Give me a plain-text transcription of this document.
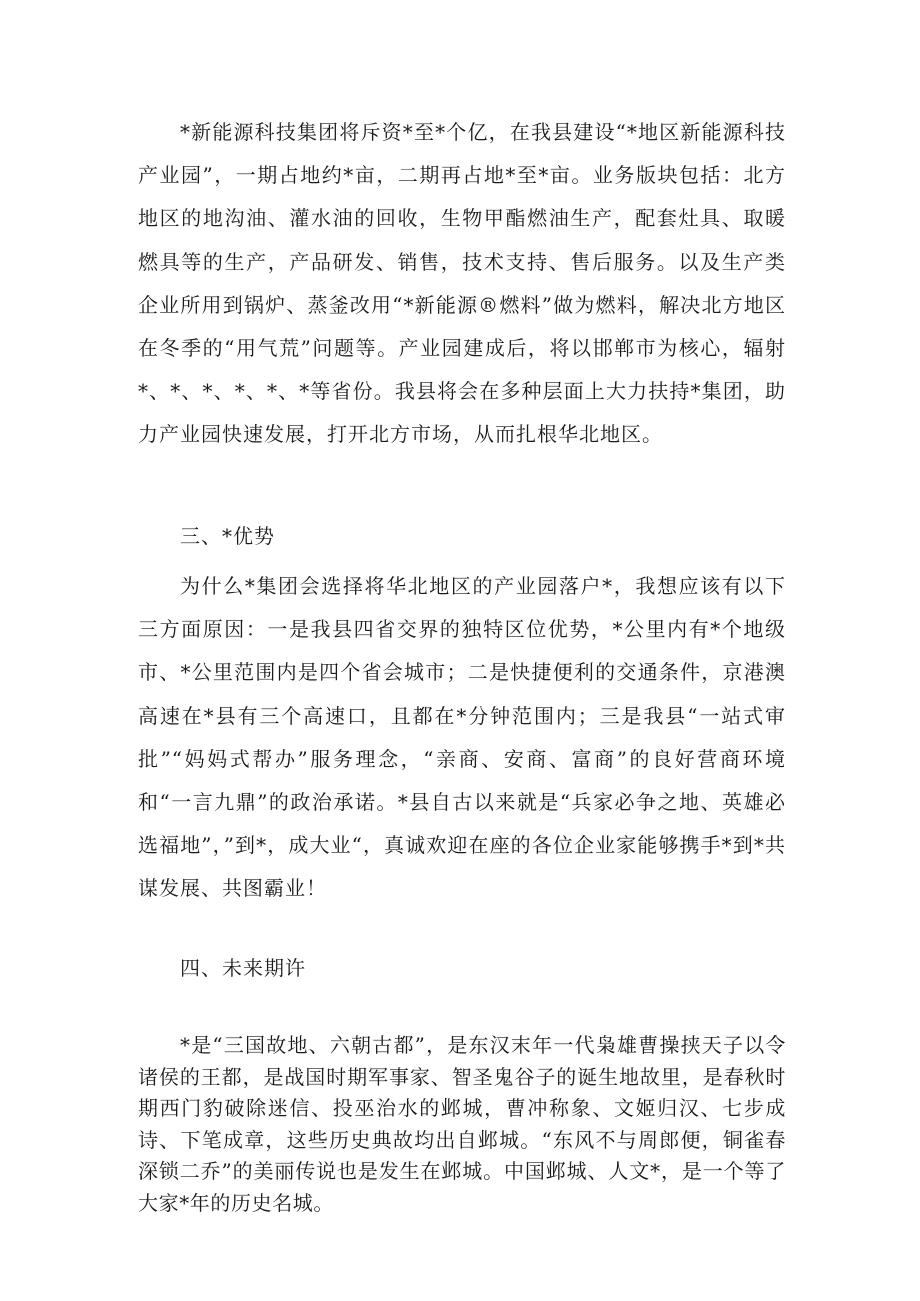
*新能源科技集团将斥资*至*个亿，在我县建设“*地区新能源科技产业园”，一期占地约*亩，二期再占地*至*亩。业务版块包括：北方地区的地沟油、灌水油的回收，生物甲酯燃油生产，配套灶具、取暖燃具等的生产，产品研发、销售，技术支持、售后服务。以及生产类企业所用到锅炉、蒸釜改用“*新能源®燃料”做为燃料，解决北方地区在冬季的“用气荒”问题等。产业园建成后，将以邯郸市为核心，辐射*、*、*、*、*、*等省份。我县将会在多种层面上大力扶持*集团，助力产业园快速发展，打开北方市场，从而扎根华北地区。

三、*优势

为什么*集团会选择将华北地区的产业园落户*，我想应该有以下三方面原因：一是我县四省交界的独特区位优势，*公里内有*个地级市、*公里范围内是四个省会城市；二是快捷便利的交通条件，京港澳高速在*县有三个高速口，且都在*分钟范围内；三是我县“一站式审批”“妈妈式帮办”服务理念，“亲商、安商、富商”的良好营商环境和“一言九鼎”的政治承诺。*县自古以来就是“兵家必争之地、英雄必选福地”，”到*，成大业“，真诚欢迎在座的各位企业家能够携手*到*共谋发展、共图霸业！

四、未来期许

*是“三国故地、六朝古都”，是东汉末年一代枭雄曹操挟天子以令诸侯的王都，是战国时期军事家、智圣鬼谷子的诞生地故里，是春秋时期西门豹破除迷信、投巫治水的邺城，曹冲称象、文姬归汉、七步成诗、下笔成章，这些历史典故均出自邺城。“东风不与周郎便，铜雀春深锁二乔”的美丽传说也是发生在邺城。中国邺城、人文*，是一个等了大家*年的历史名城。
